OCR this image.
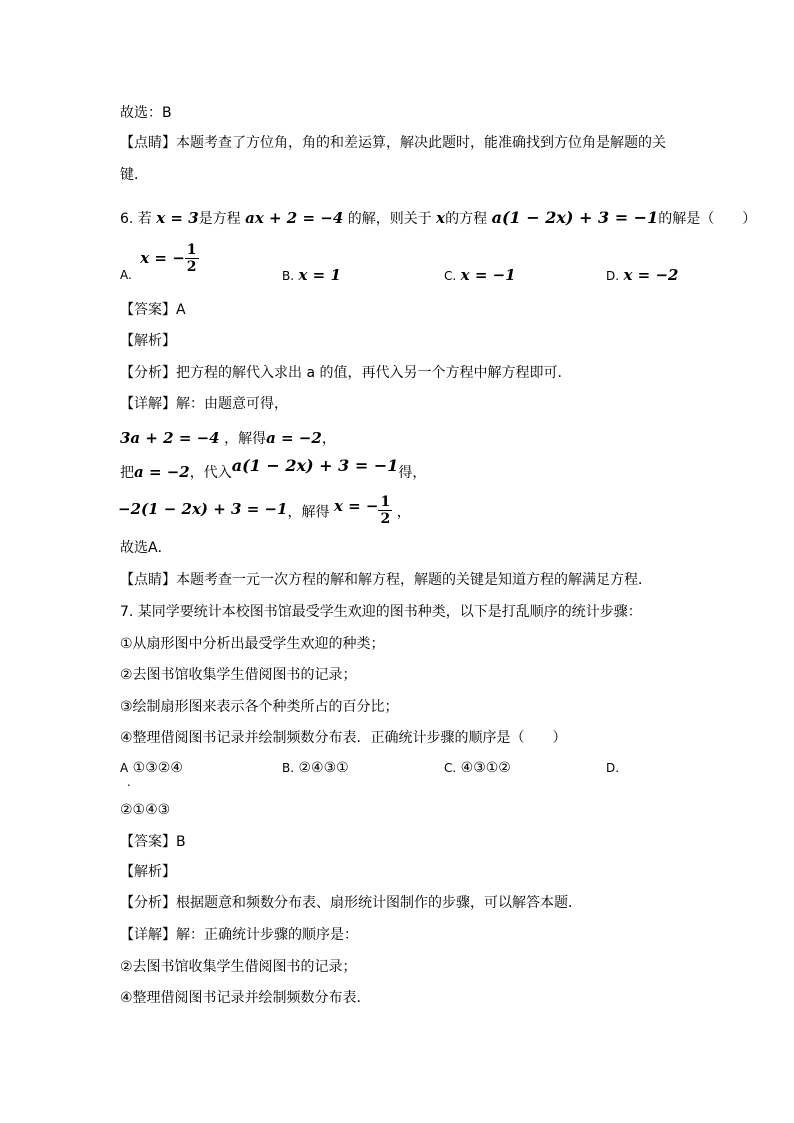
故选：B
【点睛】本题考查了方位角，角的和差运算，解决此题时，能准确找到方位角是解题的关
键．
6. 若 x = 3是方程 ax + 2 = −4 的解，则关于 x的方程 a(1 − 2x) + 3 = −1的解是（　　）
A. x = − $\frac{1}{2}$
B. x = 1	C. x = −1	D. x = −2
【答案】A
【解析】
【分析】把方程的解代入求出 a 的值，再代入另一个方程中解方程即可．
【详解】解：由题意可得，
3a + 2 = −4 ，解得a = −2，
把a = −2，代入a(1 − 2x) + 3 = −1得，
−2(1 − 2x) + 3 = −1，解得 x = − $\frac{1}{2}$ ，
故选A．
【点睛】本题考查一元一次方程的解和解方程，解题的关键是知道方程的解满足方程．
7. 某同学要统计本校图书馆最受学生欢迎的图书种类，以下是打乱顺序的统计步骤：
①从扇形图中分析出最受学生欢迎的种类；
②去图书馆收集学生借阅图书的记录；
③绘制扇形图来表示各个种类所占的百分比；
④整理借阅图书记录并绘制频数分布表．正确统计步骤的顺序是（　　）
A ①③②④
.
B. ②④③①	C. ④③①②	D.
②①④③
【答案】B
【解析】
【分析】根据题意和频数分布表、扇形统计图制作的步骤，可以解答本题．
【详解】解：正确统计步骤的顺序是：
②去图书馆收集学生借阅图书的记录；
④整理借阅图书记录并绘制频数分布表．
